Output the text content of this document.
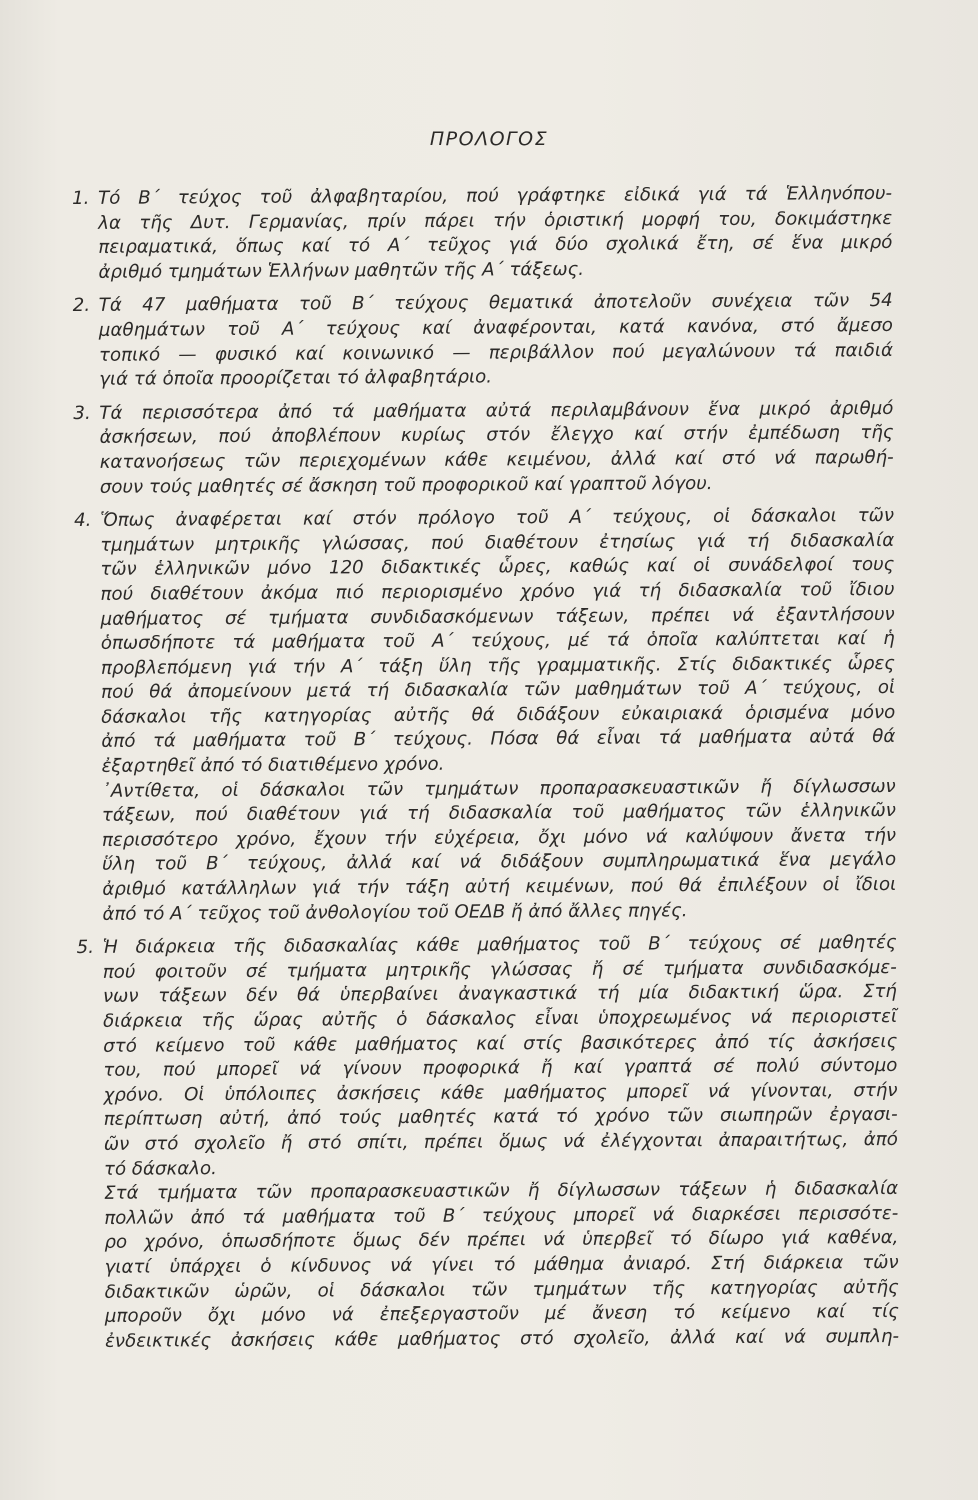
ΠΡΟΛΟΓΟΣ
1. Τό Β΄ τεύχος τοῦ ἀλφαβηταρίου, πού γράφτηκε εἰδικά γιά τά Ἑλληνόπου-
λα τῆς Δυτ. Γερμανίας, πρίν πάρει τήν ὁριστική μορφή του, δοκιμάστηκε
πειραματικά, ὅπως καί τό Α΄ τεῦχος γιά δύο σχολικά ἔτη, σέ ἕνα μικρό
ἀριθμό τμημάτων Ἑλλήνων μαθητῶν τῆς Α΄ τάξεως.
2. Τά 47 μαθήματα τοῦ Β΄ τεύχους θεματικά ἀποτελοῦν συνέχεια τῶν 54
μαθημάτων τοῦ Α΄ τεύχους καί ἀναφέρονται, κατά κανόνα, στό ἄμεσο
τοπικό — φυσικό καί κοινωνικό — περιβάλλον πού μεγαλώνουν τά παιδιά
γιά τά ὁποῖα προορίζεται τό ἀλφαβητάριο.
3. Τά περισσότερα ἀπό τά μαθήματα αὐτά περιλαμβάνουν ἕνα μικρό ἀριθμό
ἀσκήσεων, πού ἀποβλέπουν κυρίως στόν ἔλεγχο καί στήν ἐμπέδωση τῆς
κατανοήσεως τῶν περιεχομένων κάθε κειμένου, ἀλλά καί στό νά παρωθή-
σουν τούς μαθητές σέ ἄσκηση τοῦ προφορικοῦ καί γραπτοῦ λόγου.
4. Ὅπως ἀναφέρεται καί στόν πρόλογο τοῦ Α΄ τεύχους, οἱ δάσκαλοι τῶν
τμημάτων μητρικῆς γλώσσας, πού διαθέτουν ἐτησίως γιά τή διδασκαλία
τῶν ἑλληνικῶν μόνο 120 διδακτικές ὧρες, καθώς καί οἱ συνάδελφοί τους
πού διαθέτουν ἀκόμα πιό περιορισμένο χρόνο γιά τή διδασκαλία τοῦ ἴδιου
μαθήματος σέ τμήματα συνδιδασκόμενων τάξεων, πρέπει νά ἐξαντλήσουν
ὁπωσδήποτε τά μαθήματα τοῦ Α΄ τεύχους, μέ τά ὁποῖα καλύπτεται καί ἡ
προβλεπόμενη γιά τήν Α΄ τάξη ὕλη τῆς γραμματικῆς. Στίς διδακτικές ὧρες
πού θά ἀπομείνουν μετά τή διδασκαλία τῶν μαθημάτων τοῦ Α΄ τεύχους, οἱ
δάσκαλοι τῆς κατηγορίας αὐτῆς θά διδάξουν εὐκαιριακά ὁρισμένα μόνο
ἀπό τά μαθήματα τοῦ Β΄ τεύχους. Πόσα θά εἶναι τά μαθήματα αὐτά θά
ἐξαρτηθεῖ ἀπό τό διατιθέμενο χρόνο.
᾽Αντίθετα, οἱ δάσκαλοι τῶν τμημάτων προπαρασκευαστικῶν ἤ δίγλωσσων
τάξεων, πού διαθέτουν γιά τή διδασκαλία τοῦ μαθήματος τῶν ἑλληνικῶν
περισσότερο χρόνο, ἔχουν τήν εὐχέρεια, ὄχι μόνο νά καλύψουν ἄνετα τήν
ὕλη τοῦ Β΄ τεύχους, ἀλλά καί νά διδάξουν συμπληρωματικά ἕνα μεγάλο
ἀριθμό κατάλληλων γιά τήν τάξη αὐτή κειμένων, πού θά ἐπιλέξουν οἱ ἴδιοι
ἀπό τό Α΄ τεῦχος τοῦ ἀνθολογίου τοῦ ΟΕΔΒ ἤ ἀπό ἄλλες πηγές.
5. Ἡ διάρκεια τῆς διδασκαλίας κάθε μαθήματος τοῦ Β΄ τεύχους σέ μαθητές
πού φοιτοῦν σέ τμήματα μητρικῆς γλώσσας ἤ σέ τμήματα συνδιδασκόμε-
νων τάξεων δέν θά ὑπερβαίνει ἀναγκαστικά τή μία διδακτική ὥρα. Στή
διάρκεια τῆς ὥρας αὐτῆς ὁ δάσκαλος εἶναι ὑποχρεωμένος νά περιοριστεῖ
στό κείμενο τοῦ κάθε μαθήματος καί στίς βασικότερες ἀπό τίς ἀσκήσεις
του, πού μπορεῖ νά γίνουν προφορικά ἤ καί γραπτά σέ πολύ σύντομο
χρόνο. Οἱ ὑπόλοιπες ἀσκήσεις κάθε μαθήματος μπορεῖ νά γίνονται, στήν
περίπτωση αὐτή, ἀπό τούς μαθητές κατά τό χρόνο τῶν σιωπηρῶν ἐργασι-
ῶν στό σχολεῖο ἤ στό σπίτι, πρέπει ὅμως νά ἐλέγχονται ἀπαραιτήτως, ἀπό
τό δάσκαλο.
Στά τμήματα τῶν προπαρασκευαστικῶν ἤ δίγλωσσων τάξεων ἡ διδασκαλία
πολλῶν ἀπό τά μαθήματα τοῦ Β΄ τεύχους μπορεῖ νά διαρκέσει περισσότε-
ρο χρόνο, ὁπωσδήποτε ὅμως δέν πρέπει νά ὑπερβεῖ τό δίωρο γιά καθένα,
γιατί ὑπάρχει ὁ κίνδυνος νά γίνει τό μάθημα ἀνιαρό. Στή διάρκεια τῶν
διδακτικῶν ὡρῶν, οἱ δάσκαλοι τῶν τμημάτων τῆς κατηγορίας αὐτῆς
μποροῦν ὄχι μόνο νά ἐπεξεργαστοῦν μέ ἄνεση τό κείμενο καί τίς
ἐνδεικτικές ἀσκήσεις κάθε μαθήματος στό σχολεῖο, ἀλλά καί νά συμπλη-
